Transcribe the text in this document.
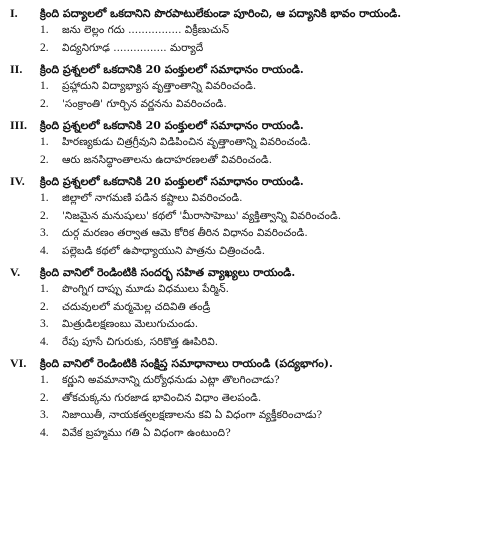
I.	క్రింది పద్యాలలో ఒకదానిని పొరపాటులేకుండా పూరించి, ఆ పద్యానికి భావం రాయండి.
1.	జను లెల్లం గదు ................ విక్రీణుచున్
2.	విద్యనిగూఢ ................ మర్యాదే
II.	క్రింది ప్రశ్నలలో ఒకదానికి 20 పంక్తులలో సమాధానం రాయండి.
1.	ప్రహ్లాదుని విద్యాభ్యాస వృత్తాంతాన్ని వివరించండి.
2.	'సంక్రాంతి' గూర్చిన వర్ణనను వివరించండి.
III.	క్రింది ప్రశ్నలలో ఒకదానికి 20 పంక్తులలో సమాధానం రాయండి.
1.	హిరణ్యకుడు చిత్రగ్రీవుని విడిపించిన వృత్తాంతాన్ని వివరించండి.
2.	ఆరు జనసిద్ధాంతాలను ఉదాహరణలతో వివరించండి.
IV.	క్రింది ప్రశ్నలలో ఒకదానికి 20 పంక్తులలో సమాధానం రాయండి.
1.	జిల్లాలో నాగమణి పడిన కష్టాలు వివరించండి.
2.	'నిజమైన మనుషులు' కథలో 'మీరాసాహెబు' వ్యక్తిత్వాన్ని వివరించండి.
3.	దుర్గ మరణం తర్వాత ఆమె కోరిక తీరిన విధానం వివరించండి.
4.	పల్లెబడి కథలో ఉపాధ్యాయుని పాత్రను చిత్రించండి.
V.	క్రింది వానిలో రెండింటికి సందర్భ సహిత వ్యాఖ్యలు రాయండి.
1.	పొంగ్నిగ దాప్పు మూడు విధములు పేర్మిన్.
2.	చదువులలో మర్మమెల్ల చదివితి తండ్రీ
3.	మిత్రుడిలక్షణంబు మెలుగుచుండు.
4.	రేపు పూసే చిగురుకు, సరికొత్త ఊపిరివి.
VI.	క్రింది వానిలో రెండింటికి సంక్షిప్త సమాధానాలు రాయండి (పద్యభాగం).
1.	కర్ణుని అవమానాన్ని దుర్యోధనుడు ఎట్లా తొలగించాడు?
2.	తోకచుక్కను గురజాడ భావించిన విధాం తెలపండి.
3.	నిజాయితీ, నాయకత్వలక్షణాలను కవి ఏ విధంగా వ్యక్తీకరించాడు?
4.	వివేక బ్రహ్మము గతి ఏ విధంగా ఉంటుంది?
